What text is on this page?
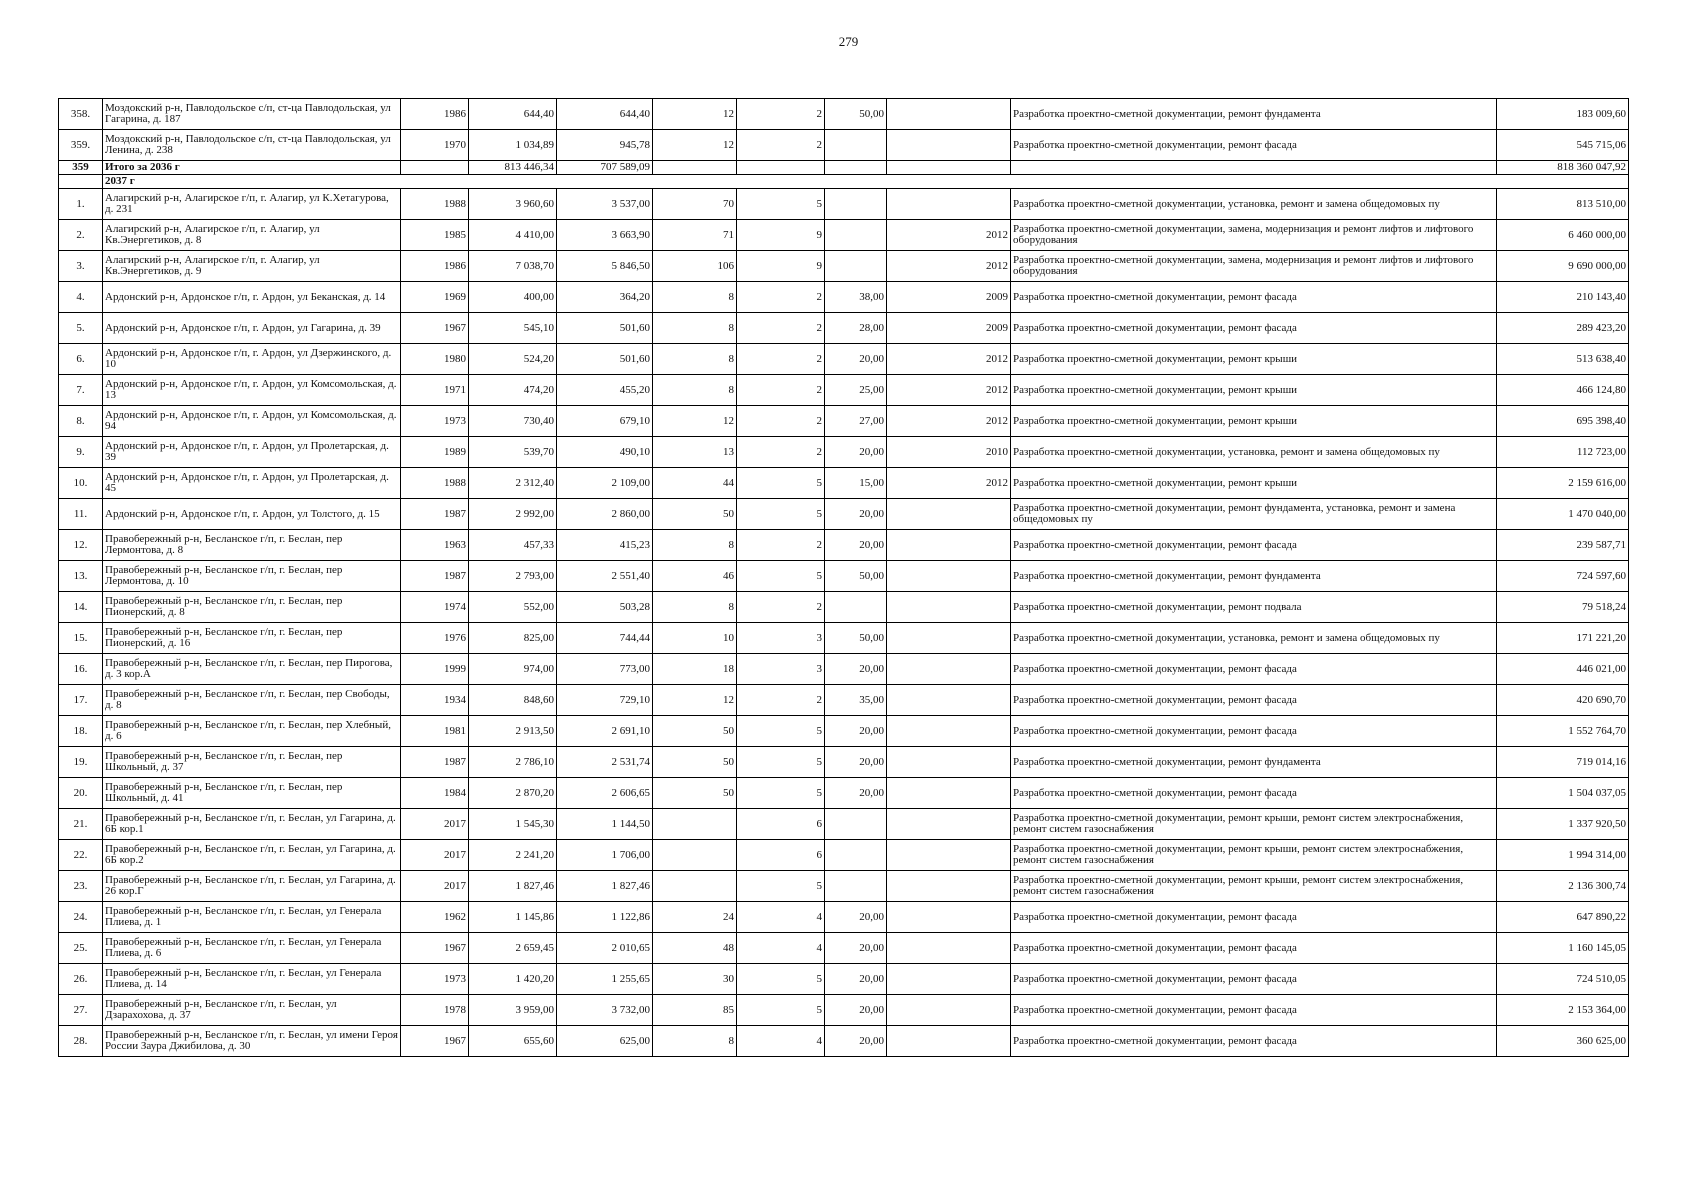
279
358.	Моздокский р-н, Павлодольское с/п, ст-ца Павлодольская, ул Гагарина, д. 187	1986	644,40	644,40	12	2	50,00		Разработка проектно-сметной документации, ремонт фундамента	183 009,60
359.	Моздокский р-н, Павлодольское с/п, ст-ца Павлодольская, ул Ленина, д. 238	1970	1 034,89	945,78	12	2			Разработка проектно-сметной документации, ремонт фасада	545 715,06
359	Итого за 2036 г		813 446,34	707 589,09						818 360 047,92
	2037 г									
1.	Алагирский р-н, Алагирское г/п, г. Алагир, ул К.Хетагурова, д. 231	1988	3 960,60	3 537,00	70	5			Разработка проектно-сметной документации, установка, ремонт и замена общедомовых пу	813 510,00
2.	Алагирский р-н, Алагирское г/п, г. Алагир, ул Кв.Энергетиков, д. 8	1985	4 410,00	3 663,90	71	9		2012	Разработка проектно-сметной документации, замена, модернизация и ремонт лифтов и лифтового оборудования	6 460 000,00
3.	Алагирский р-н, Алагирское г/п, г. Алагир, ул Кв.Энергетиков, д. 9	1986	7 038,70	5 846,50	106	9		2012	Разработка проектно-сметной документации, замена, модернизация и ремонт лифтов и лифтового оборудования	9 690 000,00
4.	Ардонский р-н, Ардонское г/п, г. Ардон, ул Беканская, д. 14	1969	400,00	364,20	8	2	38,00	2009	Разработка проектно-сметной документации, ремонт фасада	210 143,40
5.	Ардонский р-н, Ардонское г/п, г. Ардон, ул Гагарина, д. 39	1967	545,10	501,60	8	2	28,00	2009	Разработка проектно-сметной документации, ремонт фасада	289 423,20
6.	Ардонский р-н, Ардонское г/п, г. Ардон, ул Дзержинского, д. 10	1980	524,20	501,60	8	2	20,00	2012	Разработка проектно-сметной документации, ремонт крыши	513 638,40
7.	Ардонский р-н, Ардонское г/п, г. Ардон, ул Комсомольская, д. 13	1971	474,20	455,20	8	2	25,00	2012	Разработка проектно-сметной документации, ремонт крыши	466 124,80
8.	Ардонский р-н, Ардонское г/п, г. Ардон, ул Комсомольская, д. 94	1973	730,40	679,10	12	2	27,00	2012	Разработка проектно-сметной документации, ремонт крыши	695 398,40
9.	Ардонский р-н, Ардонское г/п, г. Ардон, ул Пролетарская, д. 39	1989	539,70	490,10	13	2	20,00	2010	Разработка проектно-сметной документации, установка, ремонт и замена общедомовых пу	112 723,00
10.	Ардонский р-н, Ардонское г/п, г. Ардон, ул Пролетарская, д. 45	1988	2 312,40	2 109,00	44	5	15,00	2012	Разработка проектно-сметной документации, ремонт крыши	2 159 616,00
11.	Ардонский р-н, Ардонское г/п, г. Ардон, ул Толстого, д. 15	1987	2 992,00	2 860,00	50	5	20,00		Разработка проектно-сметной документации, ремонт фундамента, установка, ремонт и замена общедомовых пу	1 470 040,00
12.	Правобережный р-н, Бесланское г/п, г. Беслан, пер Лермонтова, д. 8	1963	457,33	415,23	8	2	20,00		Разработка проектно-сметной документации, ремонт фасада	239 587,71
13.	Правобережный р-н, Бесланское г/п, г. Беслан, пер Лермонтова, д. 10	1987	2 793,00	2 551,40	46	5	50,00		Разработка проектно-сметной документации, ремонт фундамента	724 597,60
14.	Правобережный р-н, Бесланское г/п, г. Беслан, пер Пионерский, д. 8	1974	552,00	503,28	8	2			Разработка проектно-сметной документации, ремонт подвала	79 518,24
15.	Правобережный р-н, Бесланское г/п, г. Беслан, пер Пионерский, д. 16	1976	825,00	744,44	10	3	50,00		Разработка проектно-сметной документации, установка, ремонт и замена общедомовых пу	171 221,20
16.	Правобережный р-н, Бесланское г/п, г. Беслан, пер Пирогова, д. 3 кор.А	1999	974,00	773,00	18	3	20,00		Разработка проектно-сметной документации, ремонт фасада	446 021,00
17.	Правобережный р-н, Бесланское г/п, г. Беслан, пер Свободы, д. 8	1934	848,60	729,10	12	2	35,00		Разработка проектно-сметной документации, ремонт фасада	420 690,70
18.	Правобережный р-н, Бесланское г/п, г. Беслан, пер Хлебный, д. 6	1981	2 913,50	2 691,10	50	5	20,00		Разработка проектно-сметной документации, ремонт фасада	1 552 764,70
19.	Правобережный р-н, Бесланское г/п, г. Беслан, пер Школьный, д. 37	1987	2 786,10	2 531,74	50	5	20,00		Разработка проектно-сметной документации, ремонт фундамента	719 014,16
20.	Правобережный р-н, Бесланское г/п, г. Беслан, пер Школьный, д. 41	1984	2 870,20	2 606,65	50	5	20,00		Разработка проектно-сметной документации, ремонт фасада	1 504 037,05
21.	Правобережный р-н, Бесланское г/п, г. Беслан, ул Гагарина, д. 6Б кор.1	2017	1 545,30	1 144,50		6			Разработка проектно-сметной документации, ремонт крыши, ремонт систем электроснабжения, ремонт систем газоснабжения	1 337 920,50
22.	Правобережный р-н, Бесланское г/п, г. Беслан, ул Гагарина, д. 6Б кор.2	2017	2 241,20	1 706,00		6			Разработка проектно-сметной документации, ремонт крыши, ремонт систем электроснабжения, ремонт систем газоснабжения	1 994 314,00
23.	Правобережный р-н, Бесланское г/п, г. Беслан, ул Гагарина, д. 26 кор.Г	2017	1 827,46	1 827,46		5			Разработка проектно-сметной документации, ремонт крыши, ремонт систем электроснабжения, ремонт систем газоснабжения	2 136 300,74
24.	Правобережный р-н, Бесланское г/п, г. Беслан, ул Генерала Плиева, д. 1	1962	1 145,86	1 122,86	24	4	20,00		Разработка проектно-сметной документации, ремонт фасада	647 890,22
25.	Правобережный р-н, Бесланское г/п, г. Беслан, ул Генерала Плиева, д. 6	1967	2 659,45	2 010,65	48	4	20,00		Разработка проектно-сметной документации, ремонт фасада	1 160 145,05
26.	Правобережный р-н, Бесланское г/п, г. Беслан, ул Генерала Плиева, д. 14	1973	1 420,20	1 255,65	30	5	20,00		Разработка проектно-сметной документации, ремонт фасада	724 510,05
27.	Правобережный р-н, Бесланское г/п, г. Беслан, ул Дзарахохова, д. 37	1978	3 959,00	3 732,00	85	5	20,00		Разработка проектно-сметной документации, ремонт фасада	2 153 364,00
28.	Правобережный р-н, Бесланское г/п, г. Беслан, ул имени Героя России Заура Джибилова, д. 30	1967	655,60	625,00	8	4	20,00		Разработка проектно-сметной документации, ремонт фасада	360 625,00
